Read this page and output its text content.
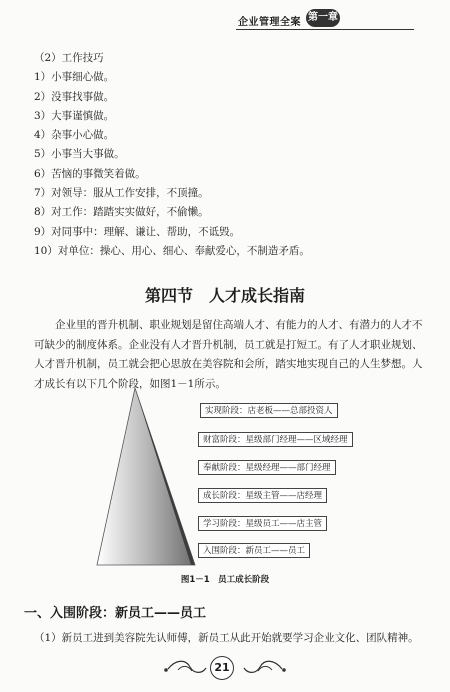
企业管理全案 第一章
（2）工作技巧
1）小事细心做。
2）没事找事做。
3）大事谨慎做。
4）杂事小心做。
5）小事当大事做。
6）苦恼的事微笑着做。
7）对领导：服从工作安排，不顶撞。
8）对工作：踏踏实实做好，不偷懒。
9）对同事中：理解、谦让、帮助，不诋毁。
10）对单位：操心、用心、细心、奉献爱心，不制造矛盾。
第四节　人才成长指南
企业里的晋升机制、职业规划是留住高端人才、有能力的人才、有潜力的人才不可缺少的制度体系。企业没有人才晋升机制，员工就是打短工。有了人才职业规划、人才晋升机制，员工就会把心思放在美容院和会所，踏实地实现自己的人生梦想。人才成长有以下几个阶段，如图1－1所示。
实现阶段：店老板——总部投资人
财富阶段：星级部门经理——区域经理
奉献阶段：星级经理——部门经理
成长阶段：星级主管——店经理
学习阶段：星级员工——店主管
入围阶段：新员工——员工
图1－1　员工成长阶段
一、入围阶段：新员工——员工
（1）新员工进到美容院先认师傅，新员工从此开始就要学习企业文化、团队精神。
21
